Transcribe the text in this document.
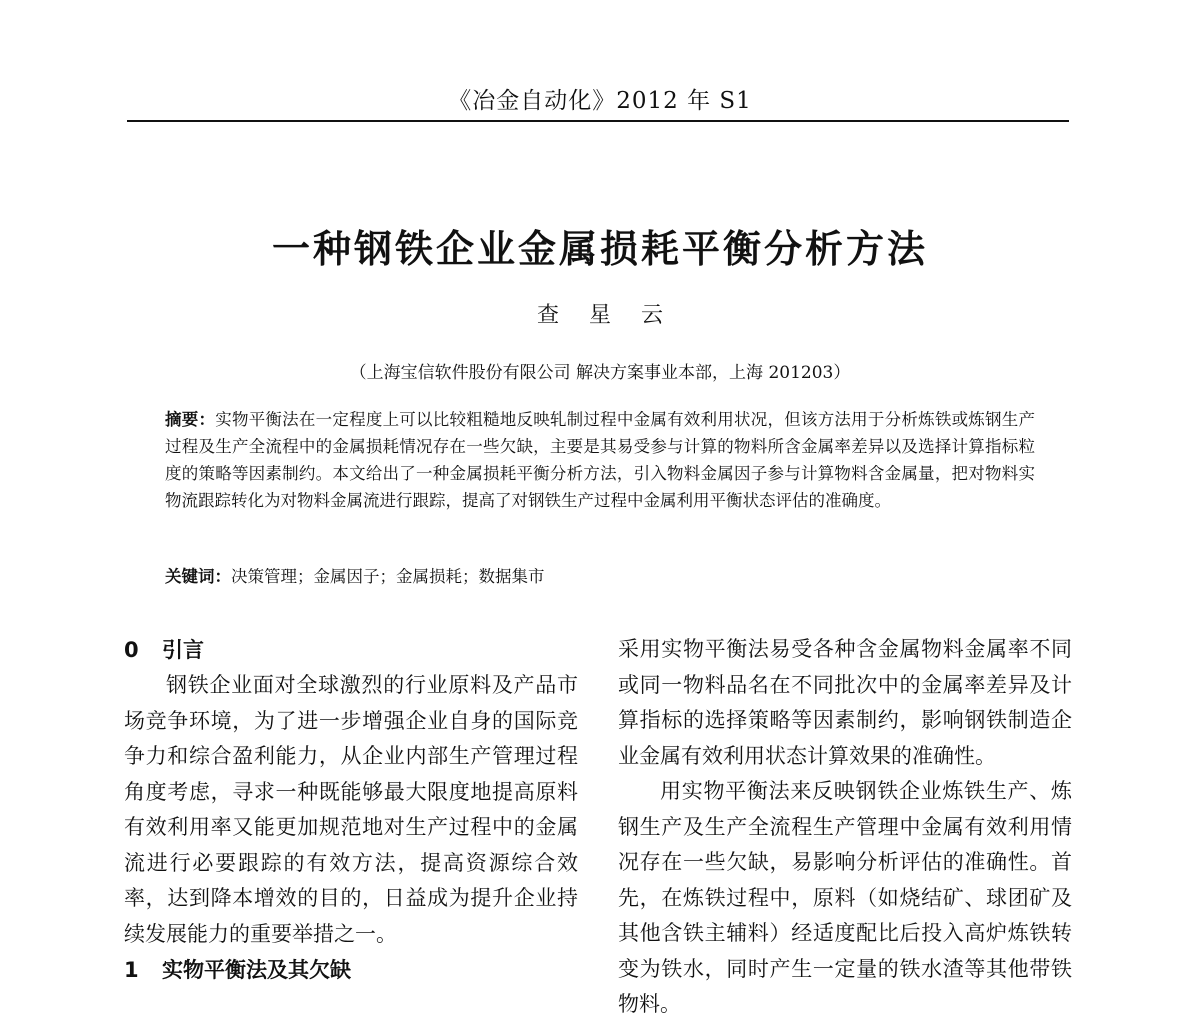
《冶金自动化》2012 年 S1
一种钢铁企业金属损耗平衡分析方法
查星云
（上海宝信软件股份有限公司 解决方案事业本部，上海 201203）
摘要：实物平衡法在一定程度上可以比较粗糙地反映轧制过程中金属有效利用状况，但该方法用于分析炼铁或炼钢生产过程及生产全流程中的金属损耗情况存在一些欠缺，主要是其易受参与计算的物料所含金属率差异以及选择计算指标粒度的策略等因素制约。本文给出了一种金属损耗平衡分析方法，引入物料金属因子参与计算物料含金属量，把对物料实物流跟踪转化为对物料金属流进行跟踪，提高了对钢铁生产过程中金属利用平衡状态评估的准确度。
关键词：决策管理；金属因子；金属损耗；数据集市
0 引言

钢铁企业面对全球激烈的行业原料及产品市场竞争环境，为了进一步增强企业自身的国际竞争力和综合盈利能力，从企业内部生产管理过程角度考虑，寻求一种既能够最大限度地提高原料有效利用率又能更加规范地对生产过程中的金属流进行必要跟踪的有效方法，提高资源综合效率，达到降本增效的目的，日益成为提升企业持续发展能力的重要举措之一。

1 实物平衡法及其欠缺

采用实物平衡法易受各种含金属物料金属率不同或同一物料品名在不同批次中的金属率差异及计算指标的选择策略等因素制约，影响钢铁制造企业金属有效利用状态计算效果的准确性。

用实物平衡法来反映钢铁企业炼铁生产、炼钢生产及生产全流程生产管理中金属有效利用情况存在一些欠缺，易影响分析评估的准确性。首先，在炼铁过程中，原料（如烧结矿、球团矿及其他含铁主辅料）经适度配比后投入高炉炼铁转变为铁水，同时产生一定量的铁水渣等其他带铁物料。
